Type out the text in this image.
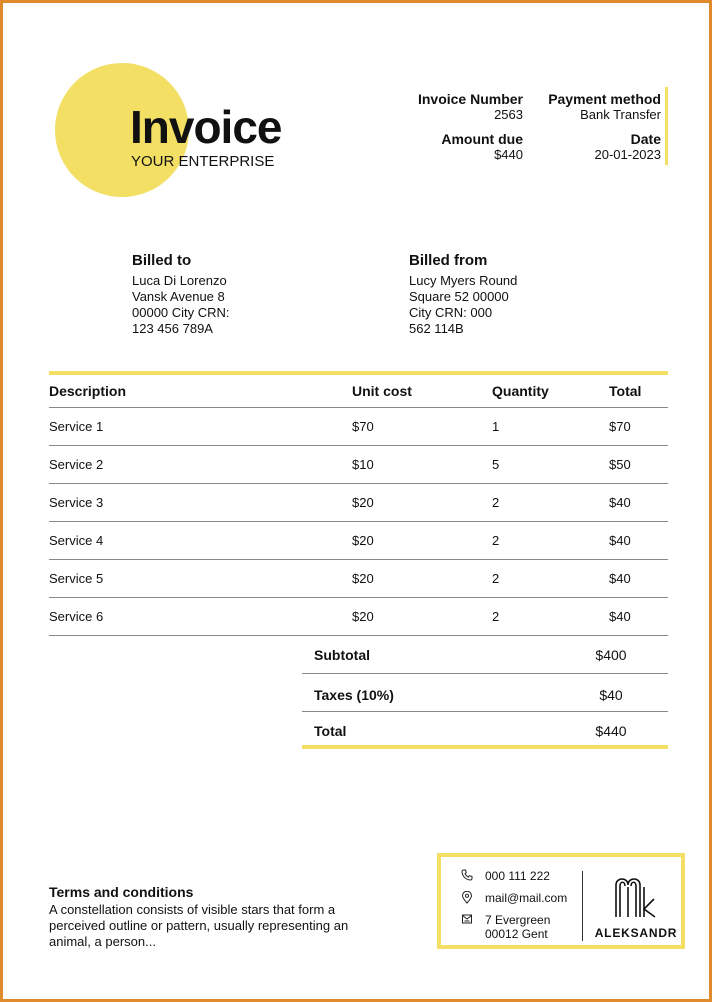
Invoice
YOUR ENTERPRISE
Invoice Number
2563
Payment method
Bank Transfer
Amount due
$440
Date
20-01-2023
Billed to
Luca Di Lorenzo
Vansk Avenue 8
00000 City CRN:
123 456 789A
Billed from
Lucy Myers Round
Square 52 00000
City CRN: 000
562 114B
Description	Unit cost	Quantity	Total
Service 1	$70	1	$70
Service 2	$10	5	$50
Service 3	$20	2	$40
Service 4	$20	2	$40
Service 5	$20	2	$40
Service 6	$20	2	$40
Subtotal	$400
Taxes (10%)	$40
Total	$440
Terms and conditions
A constellation consists of visible stars that form a perceived outline or pattern, usually representing an animal, a person...
000 111 222
mail@mail.com
7 Evergreen
00012 Gent	ALEKSANDR
